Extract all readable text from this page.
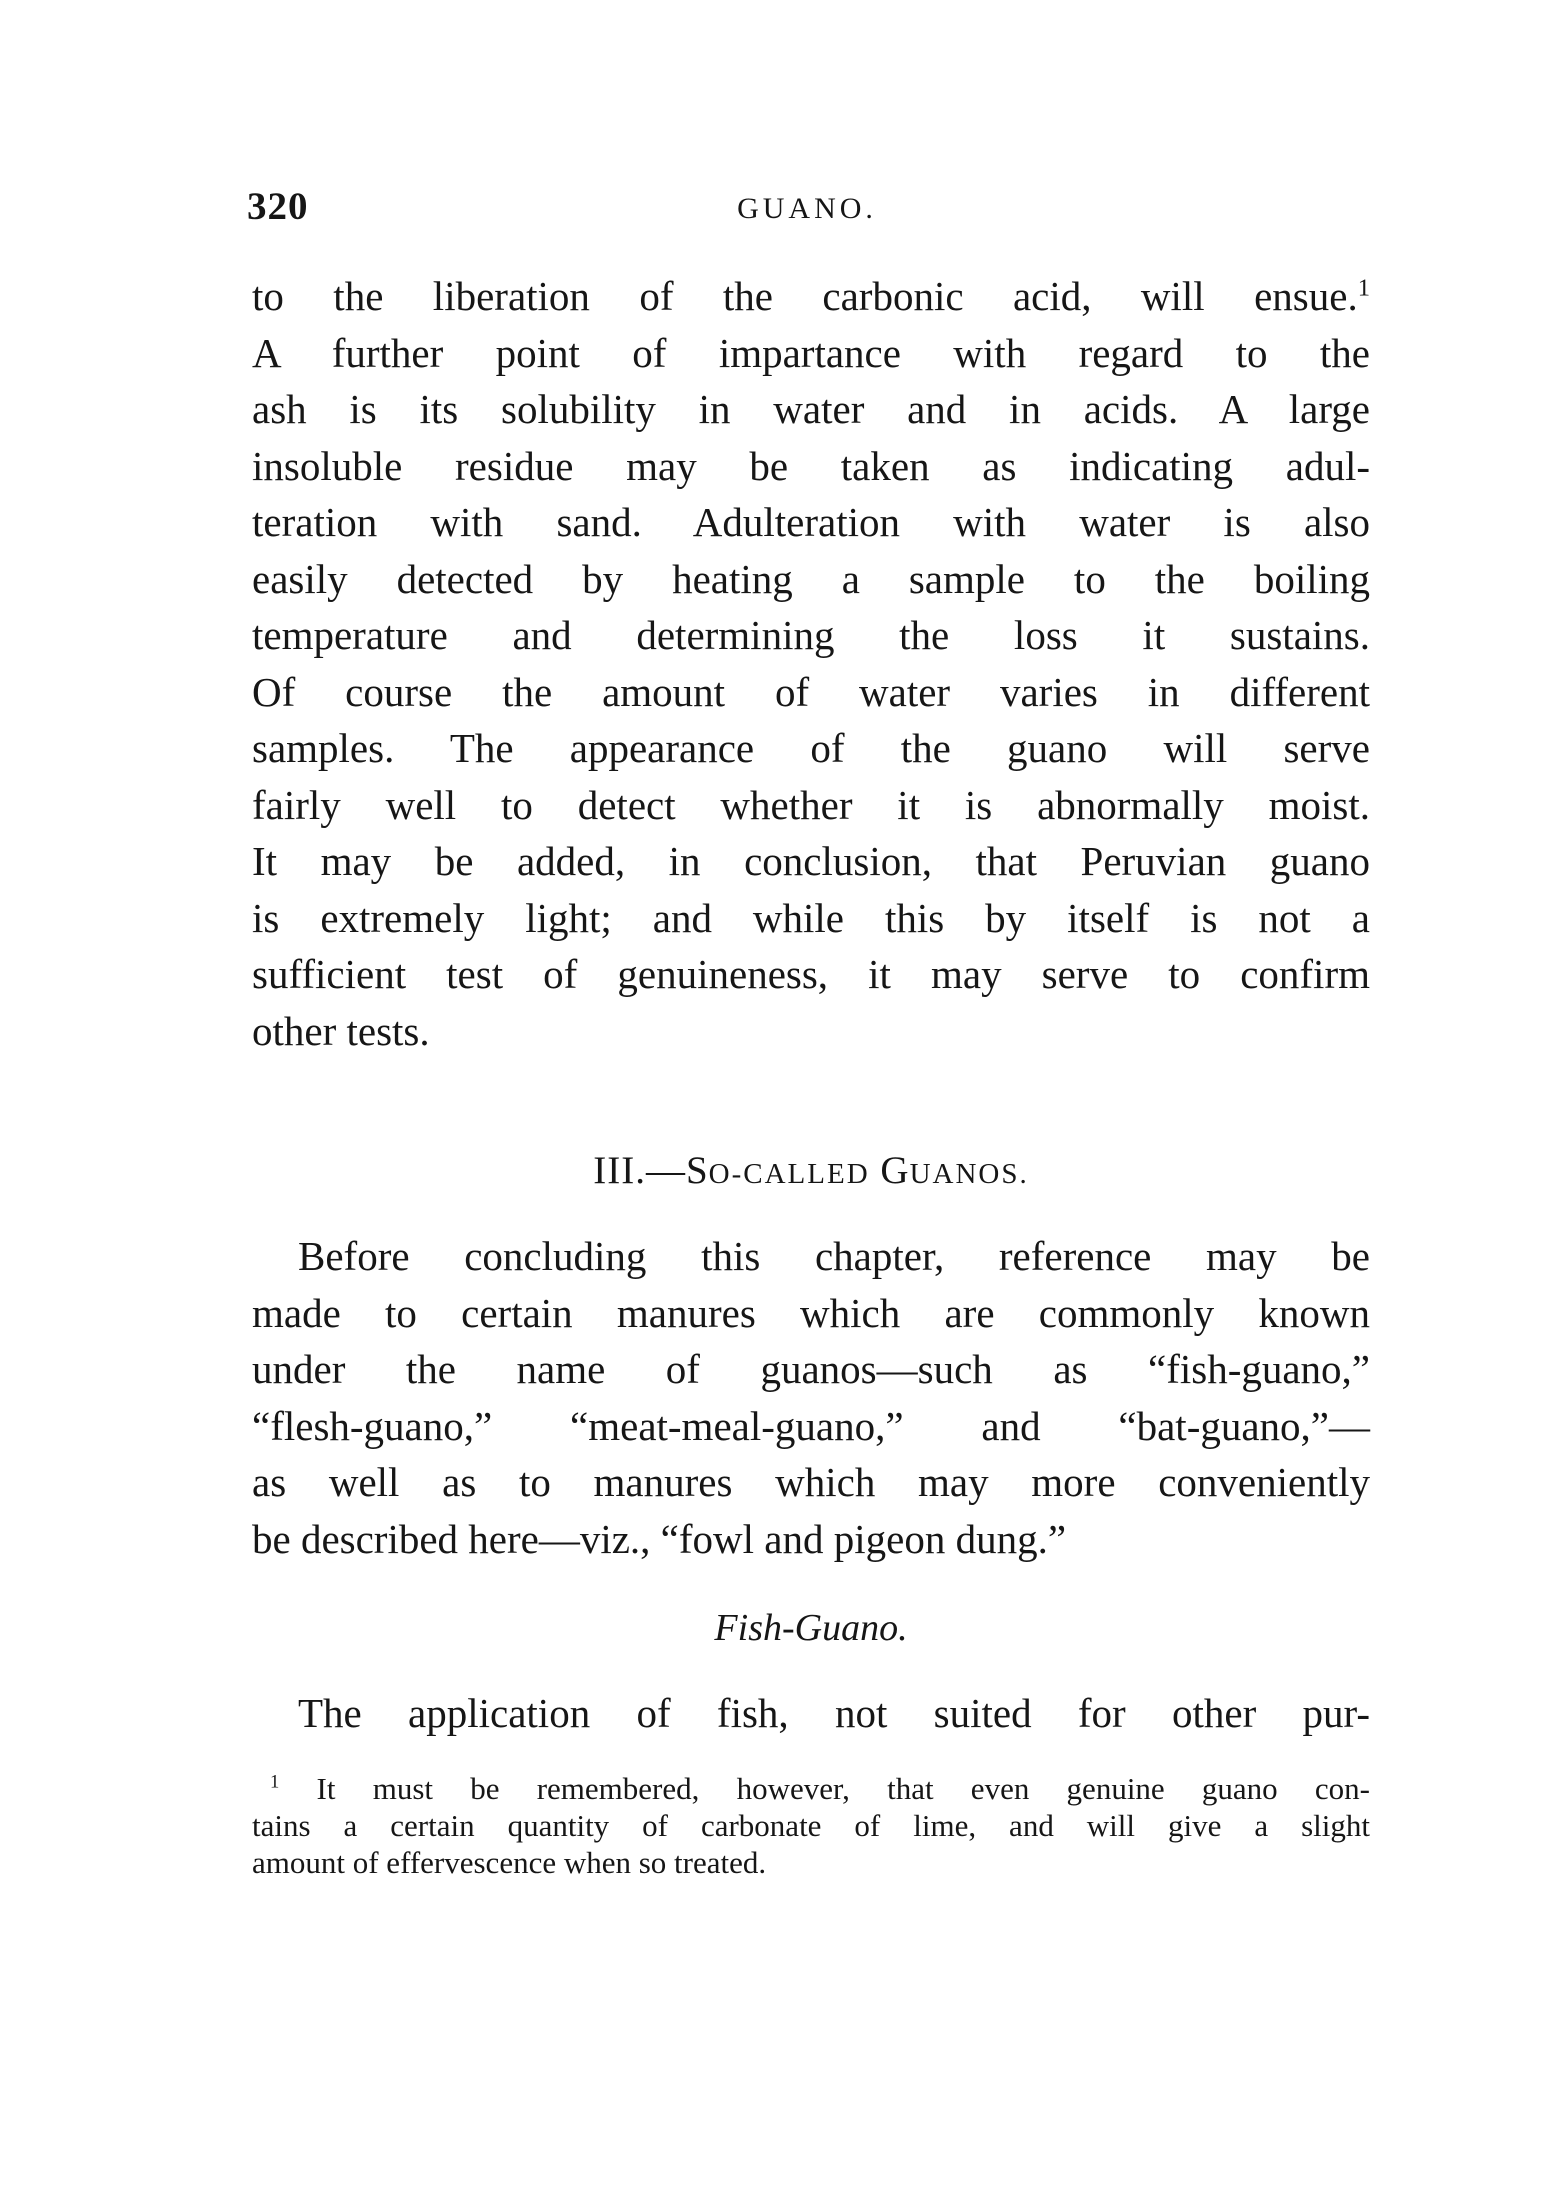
320	GUANO.
to the liberation of the carbonic acid, will ensue.$^1$
A further point of impartance with regard to the
ash is its solubility in water and in acids. A large
insoluble residue may be taken as indicating adul-
teration with sand. Adulteration with water is also
easily detected by heating a sample to the boiling
temperature and determining the loss it sustains.
Of course the amount of water varies in different
samples. The appearance of the guano will serve
fairly well to detect whether it is abnormally moist.
It may be added, in conclusion, that Peruvian guano
is extremely light; and while this by itself is not a
sufficient test of genuineness, it may serve to confirm
other tests.
III.—SO-CALLED GUANOS.
Before concluding this chapter, reference may be
made to certain manures which are commonly known
under the name of guanos—such as “fish-guano,”
“flesh-guano,” “meat-meal-guano,” and “bat-guano,”—
as well as to manures which may more conveniently
be described here—viz., “fowl and pigeon dung.”
Fish-Guano.
The application of fish, not suited for other pur-
$^1$ It must be remembered, however, that even genuine guano con-
tains a certain quantity of carbonate of lime, and will give a slight
amount of effervescence when so treated.
